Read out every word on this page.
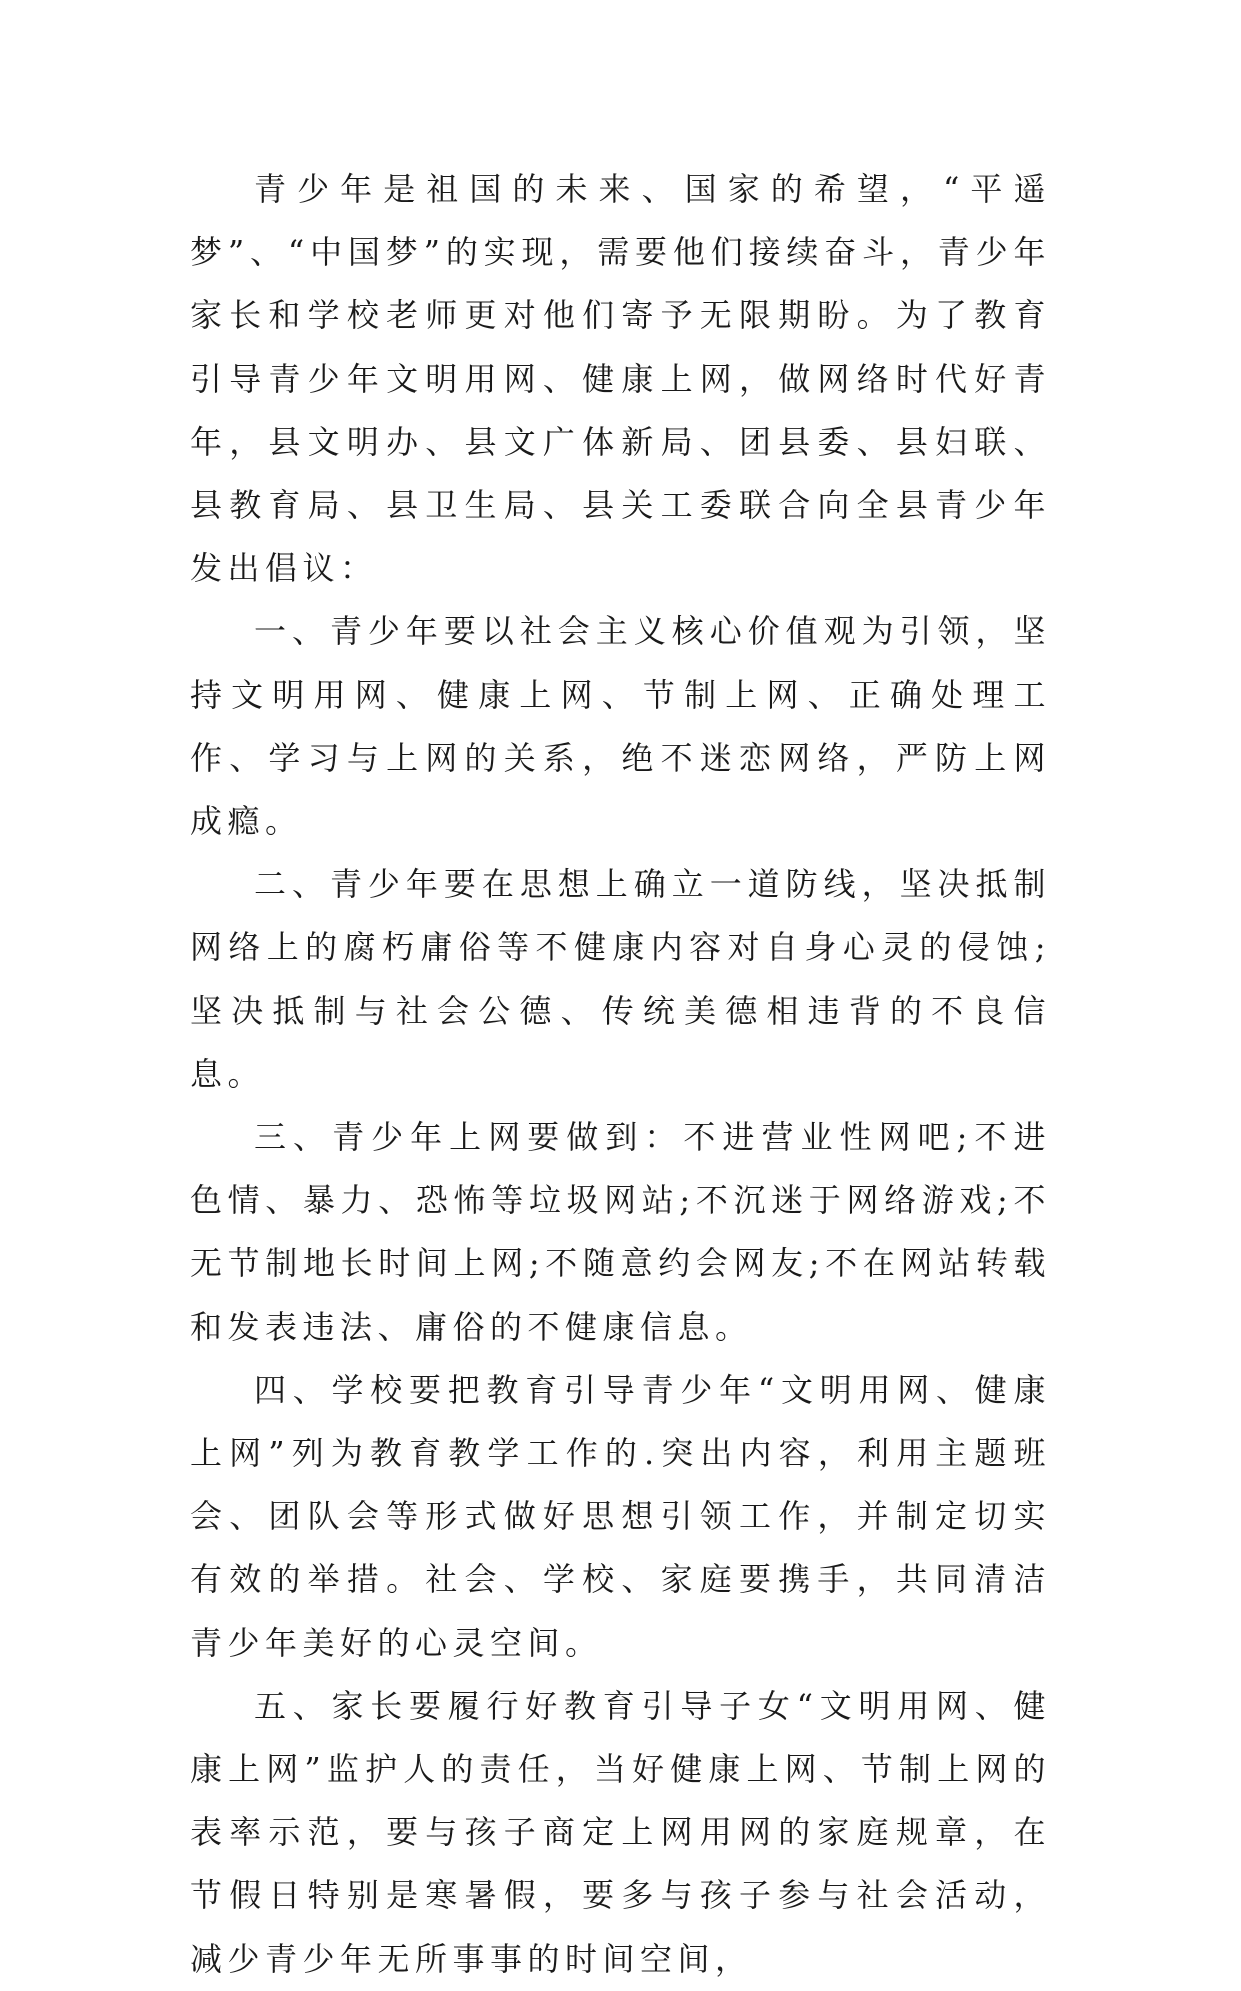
青少年是祖国的未来、国家的希望，“平遥梦”、“中国梦”的实现，需要他们接续奋斗，青少年家长和学校老师更对他们寄予无限期盼。为了教育引导青少年文明用网、健康上网，做网络时代好青年，县文明办、县文广体新局、团县委、县妇联、县教育局、县卫生局、县关工委联合向全县青少年发出倡议：

一、青少年要以社会主义核心价值观为引领，坚持文明用网、健康上网、节制上网、正确处理工作、学习与上网的关系，绝不迷恋网络，严防上网成瘾。

二、青少年要在思想上确立一道防线，坚决抵制网络上的腐朽庸俗等不健康内容对自身心灵的侵蚀;坚决抵制与社会公德、传统美德相违背的不良信息。

三、青少年上网要做到：不进营业性网吧;不进色情、暴力、恐怖等垃圾网站;不沉迷于网络游戏;不无节制地长时间上网;不随意约会网友;不在网站转载和发表违法、庸俗的不健康信息。

四、学校要把教育引导青少年“文明用网、健康上网”列为教育教学工作的.突出内容，利用主题班会、团队会等形式做好思想引领工作，并制定切实有效的举措。社会、学校、家庭要携手，共同清洁青少年美好的心灵空间。

五、家长要履行好教育引导子女“文明用网、健康上网”监护人的责任，当好健康上网、节制上网的表率示范，要与孩子商定上网用网的家庭规章，在节假日特别是寒暑假，要多与孩子参与社会活动，减少青少年无所事事的时间空间，
